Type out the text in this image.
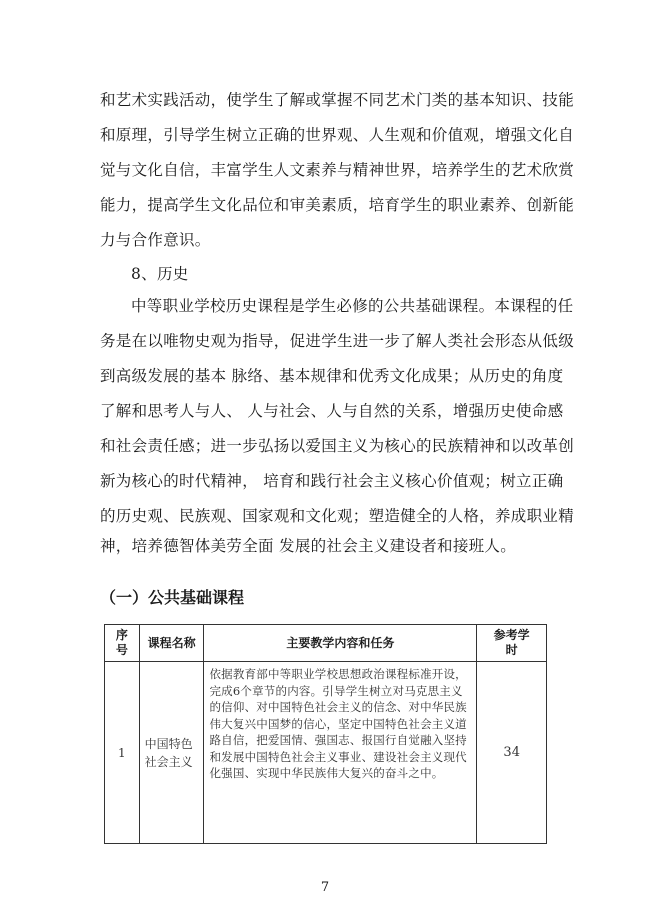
和艺术实践活动，使学生了解或掌握不同艺术门类的基本知识、技能
和原理，引导学生树立正确的世界观、人生观和价值观，增强文化自
觉与文化自信，丰富学生人文素养与精神世界，培养学生的艺术欣赏
能力，提高学生文化品位和审美素质，培育学生的职业素养、创新能
力与合作意识。
8、历史
中等职业学校历史课程是学生必修的公共基础课程。本课程的任
务是在以唯物史观为指导，促进学生进一步了解人类社会形态从低级
到高级发展的基本 脉络、基本规律和优秀文化成果；从历史的角度
了解和思考人与人、 人与社会、人与自然的关系，增强历史使命感
和社会责任感；进一步弘扬以爱国主义为核心的民族精神和以改革创
新为核心的时代精神， 培育和践行社会主义核心价值观；树立正确
的历史观、民族观、国家观和文化观；塑造健全的人格，养成职业精
神，培养德智体美劳全面 发展的社会主义建设者和接班人。
（一）公共基础课程
序号	课程名称	主要教学内容和任务	参考学时

1	中国特色社会主义	依据教育部中等职业学校思想政治课程标准开设，完成6个章节的内容。引导学生树立对马克思主义的信仰、对中国特色社会主义的信念、对中华民族伟大复兴中国梦的信心，坚定中国特色社会主义道路自信，把爱国情、强国志、报国行自觉融入坚持和发展中国特色社会主义事业、建设社会主义现代化强国、实现中华民族伟大复兴的奋斗之中。	34
7
